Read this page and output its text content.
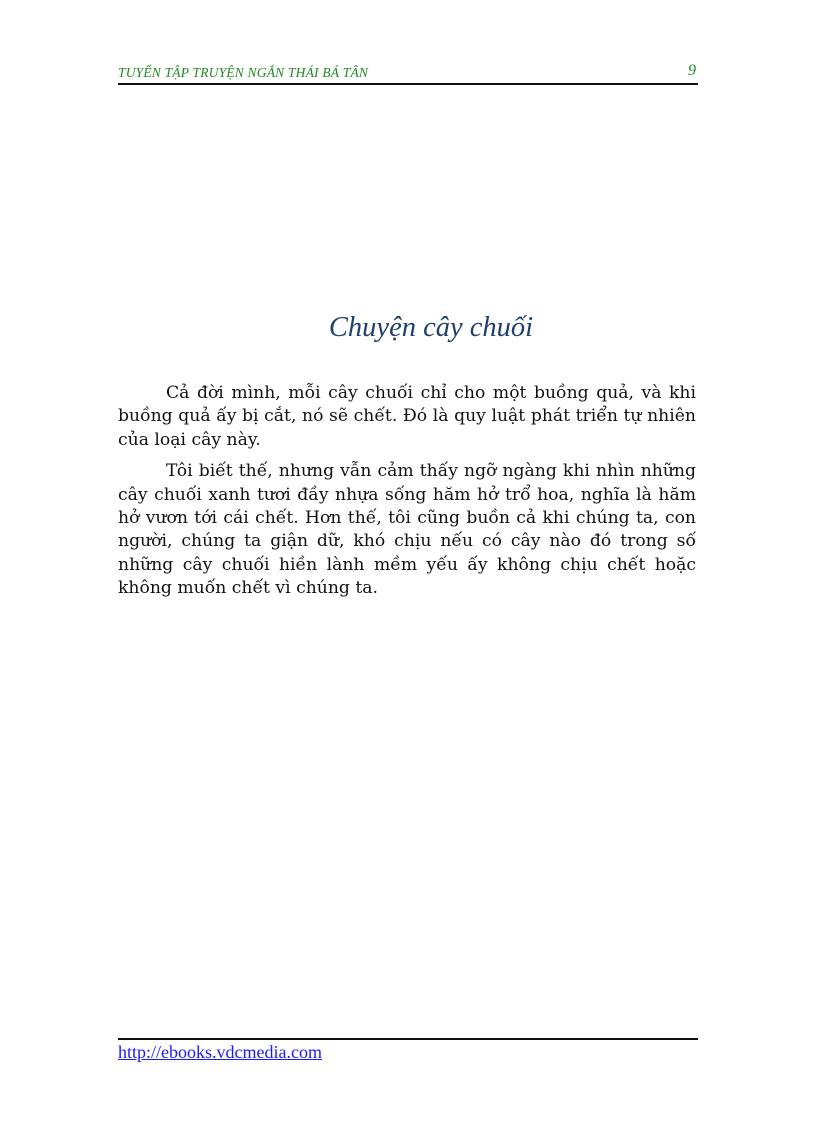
TUYỂN TẬP TRUYỆN NGẮN THÁI BÁ TÂN	9
Chuyện cây chuối

Cả đời mình, mỗi cây chuối chỉ cho một buồng quả, và khi buồng quả ấy bị cắt, nó sẽ chết. Đó là quy luật phát triển tự nhiên của loại cây này.

Tôi biết thế, nhưng vẫn cảm thấy ngỡ ngàng khi nhìn những cây chuối xanh tươi đầy nhựa sống hăm hở trổ hoa, nghĩa là hăm hở vươn tới cái chết. Hơn thế, tôi cũng buồn cả khi chúng ta, con người, chúng ta giận dữ, khó chịu nếu có cây nào đó trong số những cây chuối hiền lành mềm yếu ấy không chịu chết hoặc không muốn chết vì chúng ta.

http://ebooks.vdcmedia.com
